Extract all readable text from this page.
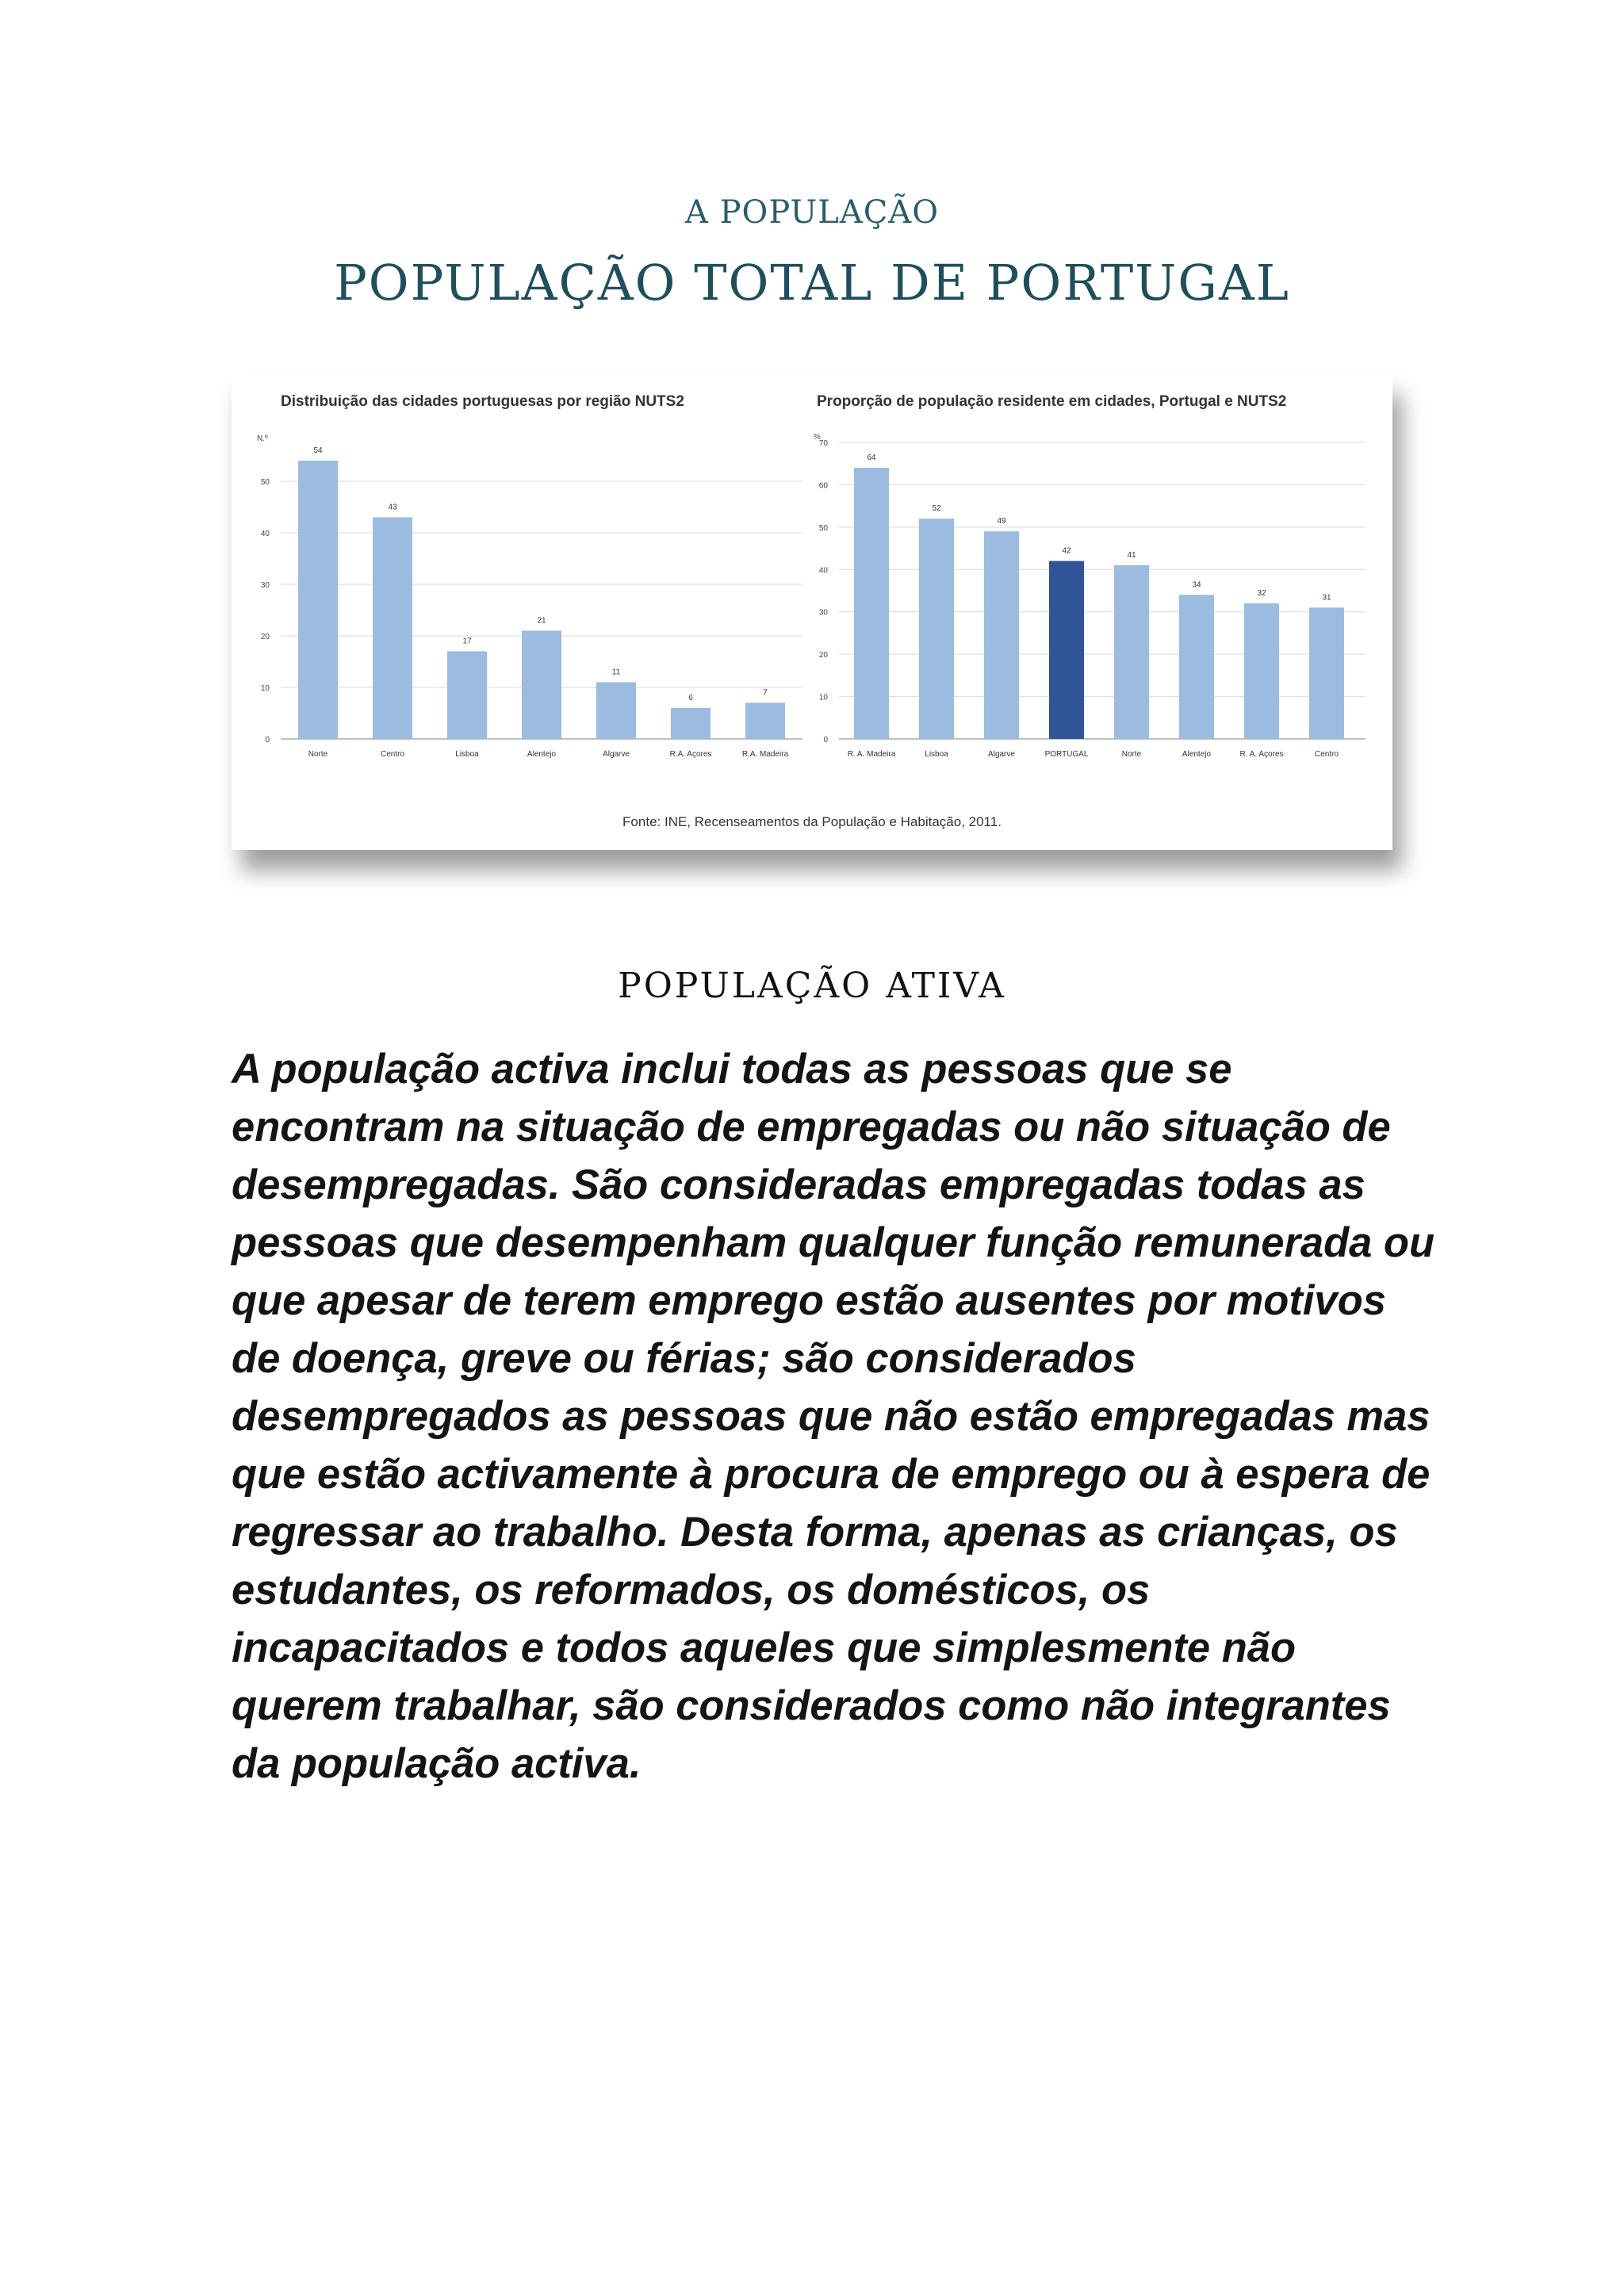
A POPULAÇÃO
POPULAÇÃO TOTAL DE PORTUGAL
Distribuição das cidades portuguesas por região NUTS2
N.º
Proporção de população residente em cidades, Portugal e NUTS2
%
Fonte: INE, Recenseamentos da População e Habitação, 2011.
0
10
20
30
40
50
54
Norte
43
Centro
17
Lisboa
21
Alentejo
11
Algarve
6
R.A. Açores
7
R.A. Madeira
0
10
20
30
40
50
60
70
64
R. A. Madeira
52
Lisboa
49
Algarve
42
PORTUGAL
41
Norte
34
Alentejo
32
R. A. Açores
31
Centro
POPULAÇÃO ATIVA

A população activa inclui todas as pessoas que se encontram na situação de empregadas ou não situação de desempregadas. São consideradas empregadas todas as pessoas que desempenham qualquer função remunerada ou que apesar de terem emprego estão ausentes por motivos de doença, greve ou férias; são considerados desempregados as pessoas que não estão empregadas mas que estão activamente à procura de emprego ou à espera de regressar ao trabalho. Desta forma, apenas as crianças, os estudantes, os reformados, os domésticos, os incapacitados e todos aqueles que simplesmente não querem trabalhar, são considerados como não integrantes da população activa.
